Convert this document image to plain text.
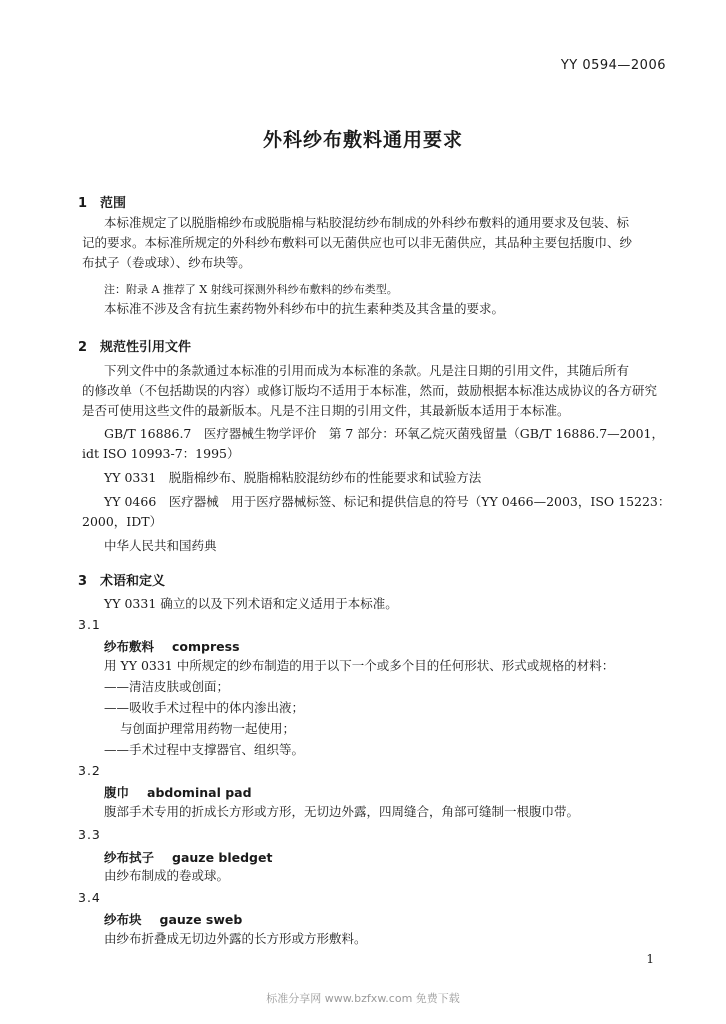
YY 0594—2006
外科纱布敷料通用要求
1 范围
本标准规定了以脱脂棉纱布或脱脂棉与粘胶混纺纱布制成的外科纱布敷料的通用要求及包装、标
记的要求。本标准所规定的外科纱布敷料可以无菌供应也可以非无菌供应，其品种主要包括腹巾、纱
布拭子（卷或球）、纱布块等。
注：附录 A 推荐了 X 射线可探测外科纱布敷料的纱布类型。
本标准不涉及含有抗生素药物外科纱布中的抗生素种类及其含量的要求。
2 规范性引用文件
下列文件中的条款通过本标准的引用而成为本标准的条款。凡是注日期的引用文件，其随后所有
的修改单（不包括勘误的内容）或修订版均不适用于本标准，然而，鼓励根据本标准达成协议的各方研究
是否可使用这些文件的最新版本。凡是不注日期的引用文件，其最新版本适用于本标准。
GB/T 16886.7　医疗器械生物学评价　第 7 部分：环氧乙烷灭菌残留量（GB/T 16886.7—2001，
idt ISO 10993-7：1995）
YY 0331　脱脂棉纱布、脱脂棉粘胶混纺纱布的性能要求和试验方法
YY 0466　医疗器械　用于医疗器械标签、标记和提供信息的符号（YY 0466—2003，ISO 15223：
2000，IDT）
中华人民共和国药典
3 术语和定义
YY 0331 确立的以及下列术语和定义适用于本标准。
3.1
纱布敷料 compress
用 YY 0331 中所规定的纱布制造的用于以下一个或多个目的任何形状、形式或规格的材料：
——清洁皮肤或创面；
——吸收手术过程中的体内渗出液；
与创面护理常用药物一起使用；
——手术过程中支撑器官、组织等。
3.2
腹巾 abdominal pad
腹部手术专用的折成长方形或方形，无切边外露，四周缝合，角部可缝制一根腹巾带。
3.3
纱布拭子 gauze bledget
由纱布制成的卷或球。
3.4
纱布块 gauze sweb
由纱布折叠成无切边外露的长方形或方形敷料。
1
标准分享网 www.bzfxw.com 免费下载
